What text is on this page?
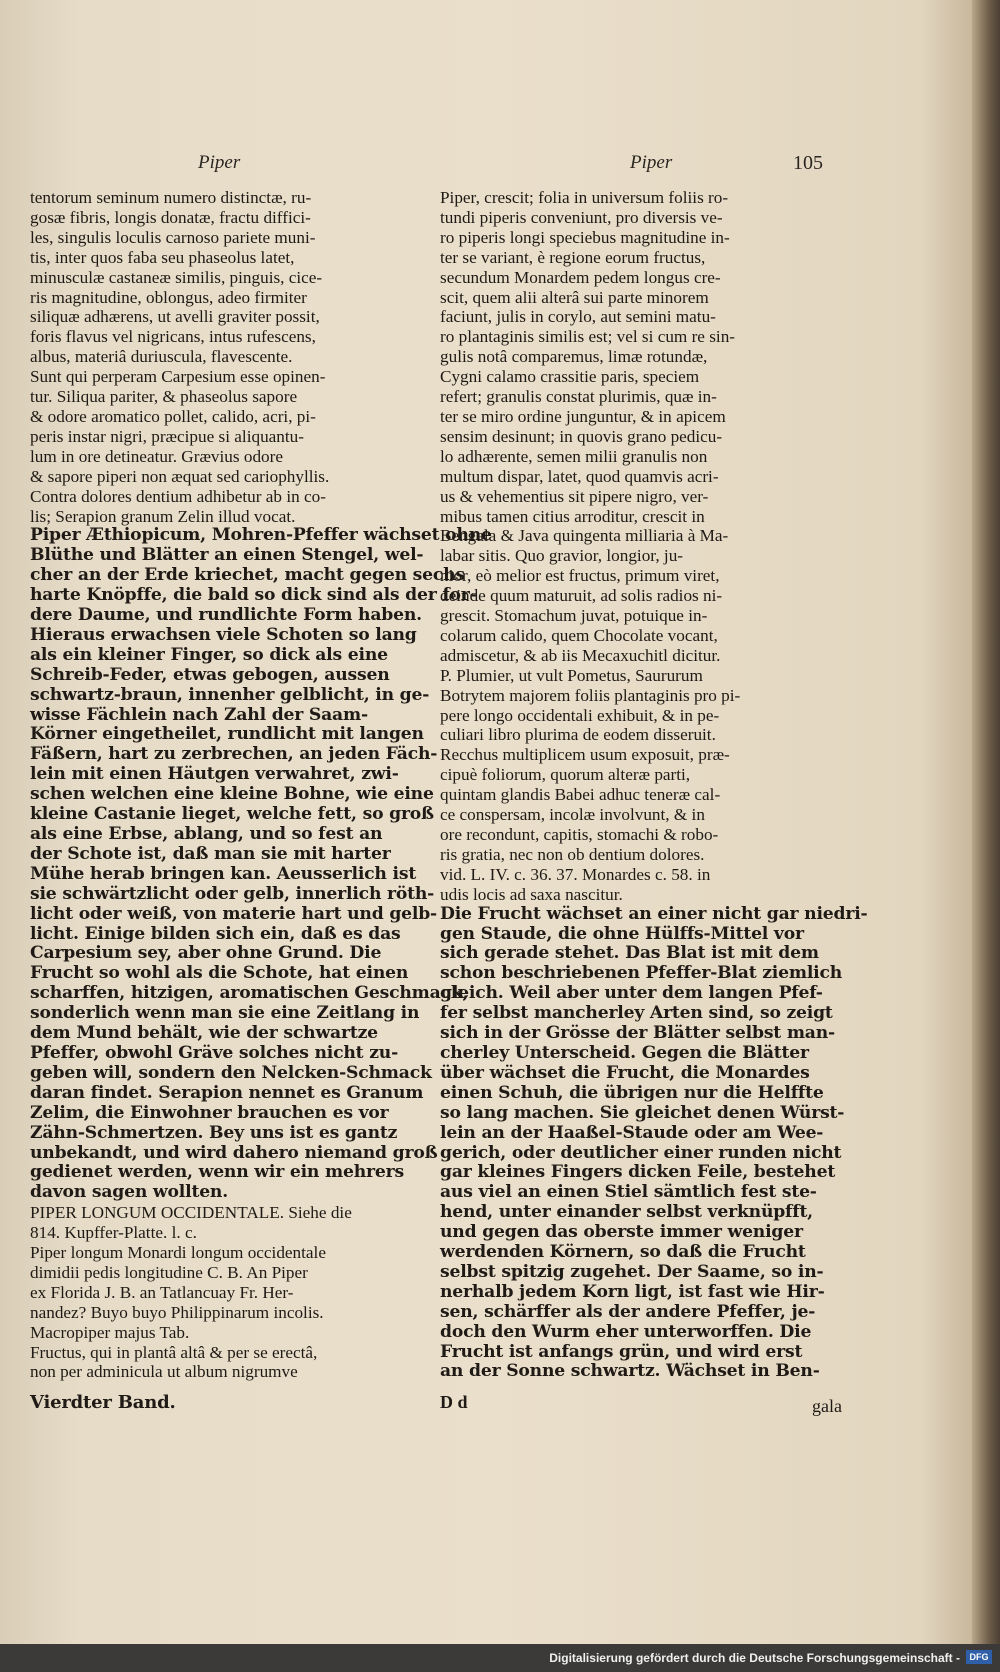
Piper	Piper	105

tentorum seminum numero distinctæ, ru-

gosæ fibris, longis donatæ, fractu diffici-

les, singulis loculis carnoso pariete muni-

tis, inter quos faba seu phaseolus latet,

minusculæ castaneæ similis, pinguis, cice-

ris magnitudine, oblongus, adeo firmiter

siliquæ adhærens, ut avelli graviter possit,

foris flavus vel nigricans, intus rufescens,

albus, materiâ duriuscula, flavescente.

Sunt qui perperam Carpesium esse opinen-

tur. Siliqua pariter, & phaseolus sapore

& odore aromatico pollet, calido, acri, pi-

peris instar nigri, præcipue si aliquantu-

lum in ore detineatur. Grævius odore

& sapore piperi non æquat sed cariophyllis.

Contra dolores dentium adhibetur ab in co-

lis; Serapion granum Zelin illud vocat.

Piper Æthiopicum, Mohren-Pfeffer wächset ohne

Blüthe und Blätter an einen Stengel, wel-

cher an der Erde kriechet, macht gegen sechs

harte Knöpffe, die bald so dick sind als der for-

dere Daume, und rundlichte Form haben.

Hieraus erwachsen viele Schoten so lang

als ein kleiner Finger, so dick als eine

Schreib-Feder, etwas gebogen, aussen

schwartz-braun, innenher gelblicht, in ge-

wisse Fächlein nach Zahl der Saam-

Körner eingetheilet, rundlicht mit langen

Fäßern, hart zu zerbrechen, an jeden Fäch-

lein mit einen Häutgen verwahret, zwi-

schen welchen eine kleine Bohne, wie eine

kleine Castanie lieget, welche fett, so groß

als eine Erbse, ablang, und so fest an

der Schote ist, daß man sie mit harter

Mühe herab bringen kan. Aeusserlich ist

sie schwärtzlicht oder gelb, innerlich röth-

licht oder weiß, von materie hart und gelb-

licht. Einige bilden sich ein, daß es das

Carpesium sey, aber ohne Grund. Die

Frucht so wohl als die Schote, hat einen

scharffen, hitzigen, aromatischen Geschmack,

sonderlich wenn man sie eine Zeitlang in

dem Mund behält, wie der schwartze

Pfeffer, obwohl Gräve solches nicht zu-

geben will, sondern den Nelcken-Schmack

daran findet. Serapion nennet es Granum

Zelim, die Einwohner brauchen es vor

Zähn-Schmertzen. Bey uns ist es gantz

unbekandt, und wird dahero niemand groß

gedienet werden, wenn wir ein mehrers

davon sagen wollten.

PIPER LONGUM OCCIDENTALE. Siehe die

814. Kupffer-Platte. l. c.

Piper longum Monardi longum occidentale

dimidii pedis longitudine C. B. An Piper

ex Florida J. B. an Tatlancuay Fr. Her-

nandez? Buyo buyo Philippinarum incolis.

Macropiper majus Tab.

Fructus, qui in plantâ altâ & per se erectâ,

non per adminicula ut album nigrumve

Piper, crescit; folia in universum foliis ro-

tundi piperis conveniunt, pro diversis ve-

ro piperis longi speciebus magnitudine in-

ter se variant, è regione eorum fructus,

secundum Monardem pedem longus cre-

scit, quem alii alterâ sui parte minorem

faciunt, julis in corylo, aut semini matu-

ro plantaginis similis est; vel si cum re sin-

gulis notâ comparemus, limæ rotundæ,

Cygni calamo crassitie paris, speciem

refert; granulis constat plurimis, quæ in-

ter se miro ordine junguntur, & in apicem

sensim desinunt; in quovis grano pedicu-

lo adhærente, semen milii granulis non

multum dispar, latet, quod quamvis acri-

us & vehementius sit pipere nigro, ver-

mibus tamen citius arroditur, crescit in

Bengala & Java quingenta milliaria à Ma-

labar sitis. Quo gravior, longior, ju-

nior, eò melior est fructus, primum viret,

deinde quum maturuit, ad solis radios ni-

grescit. Stomachum juvat, potuique in-

colarum calido, quem Chocolate vocant,

admiscetur, & ab iis Mecaxuchitl dicitur.

P. Plumier, ut vult Pometus, Saururum

Botrytem majorem foliis plantaginis pro pi-

pere longo occidentali exhibuit, & in pe-

culiari libro plurima de eodem disseruit.

Recchus multiplicem usum exposuit, præ-

cipuè foliorum, quorum alteræ parti,

quintam glandis Babei adhuc teneræ cal-

ce conspersam, incolæ involvunt, & in

ore recondunt, capitis, stomachi & robo-

ris gratia, nec non ob dentium dolores.

vid. L. IV. c. 36. 37. Monardes c. 58. in

udis locis ad saxa nascitur.

Die Frucht wächset an einer nicht gar niedri-

gen Staude, die ohne Hülffs-Mittel vor

sich gerade stehet. Das Blat ist mit dem

schon beschriebenen Pfeffer-Blat ziemlich

gleich. Weil aber unter dem langen Pfef-

fer selbst mancherley Arten sind, so zeigt

sich in der Grösse der Blätter selbst man-

cherley Unterscheid. Gegen die Blätter

über wächset die Frucht, die Monardes

einen Schuh, die übrigen nur die Helffte

so lang machen. Sie gleichet denen Würst-

lein an der Haaßel-Staude oder am Wee-

gerich, oder deutlicher einer runden nicht

gar kleines Fingers dicken Feile, bestehet

aus viel an einen Stiel sämtlich fest ste-

hend, unter einander selbst verknüpfft,

und gegen das oberste immer weniger

werdenden Körnern, so daß die Frucht

selbst spitzig zugehet. Der Saame, so in-

nerhalb jedem Korn ligt, ist fast wie Hir-

sen, schärffer als der andere Pfeffer, je-

doch den Wurm eher unterworffen. Die

Frucht ist anfangs grün, und wird erst

an der Sonne schwartz. Wächset in Ben-

Vierdter Band.	D d	gala
Digitalisierung gefördert durch die Deutsche Forschungsgemeinschaft -	DFG
